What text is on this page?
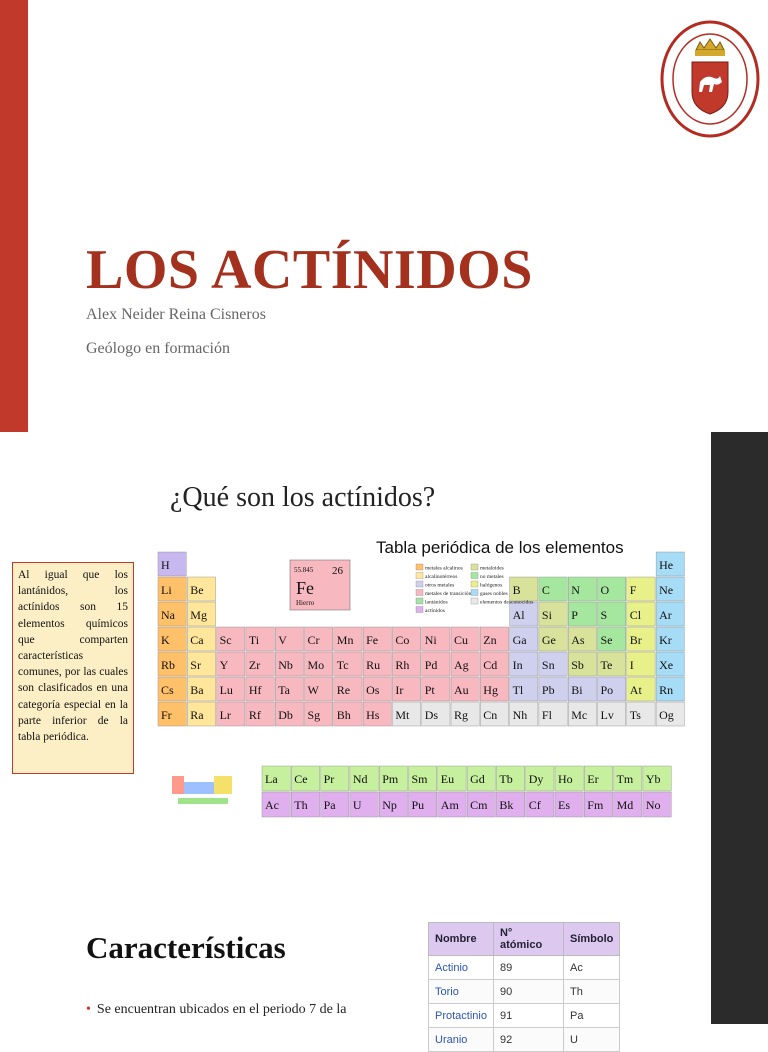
LOS ACTÍNIDOS
Alex Neider Reina Cisneros
Geólogo en formación
¿Qué son los actínidos?
Al igual que los lantánidos, los actínidos son 15 elementos químicos que comparten características comunes, por las cuales son clasificados en una categoría especial en la parte inferior de la tabla periódica.
H	He
Li Be	B C N O F Ne
Na Mg	Al Si P S Cl Ar
K Ca Sc Ti V Cr Mn Fe Co Ni Cu Zn Ga Ge As Se Br Kr
Rb Sr Y Zr Nb Mo Tc Ru Rh Pd Ag Cd In Sn Sb Te I Xe
Cs Ba Lu Hf Ta W Re Os Ir Pt Au Hg Tl Pb Bi Po At Rn
Fr Ra Lr Rf Db Sg Bh Hs Mt Ds Rg Cn Nh Fl Mc Lv Ts Og
55.845 26
Fe
Hierro
metales alcalinos
alcalinotérreos
otros metales
metales de transición
lantánidos
actínidos
metaloides
no metales
halógenos
gases nobles
elementos desconocidos
La Ce Pr Nd Pm Sm Eu Gd Tb Dy Ho Er Tm Yb
Ac Th Pa U Np Pu Am Cm Bk Cf Es Fm Md No
Tabla periódica de los elementos
Características
• Se encuentran ubicados en el periodo 7 de la
Nombre	N° atómico	Símbolo
Actinio	89	Ac
Torio	90	Th
Protactinio	91	Pa
Uranio	92	U
